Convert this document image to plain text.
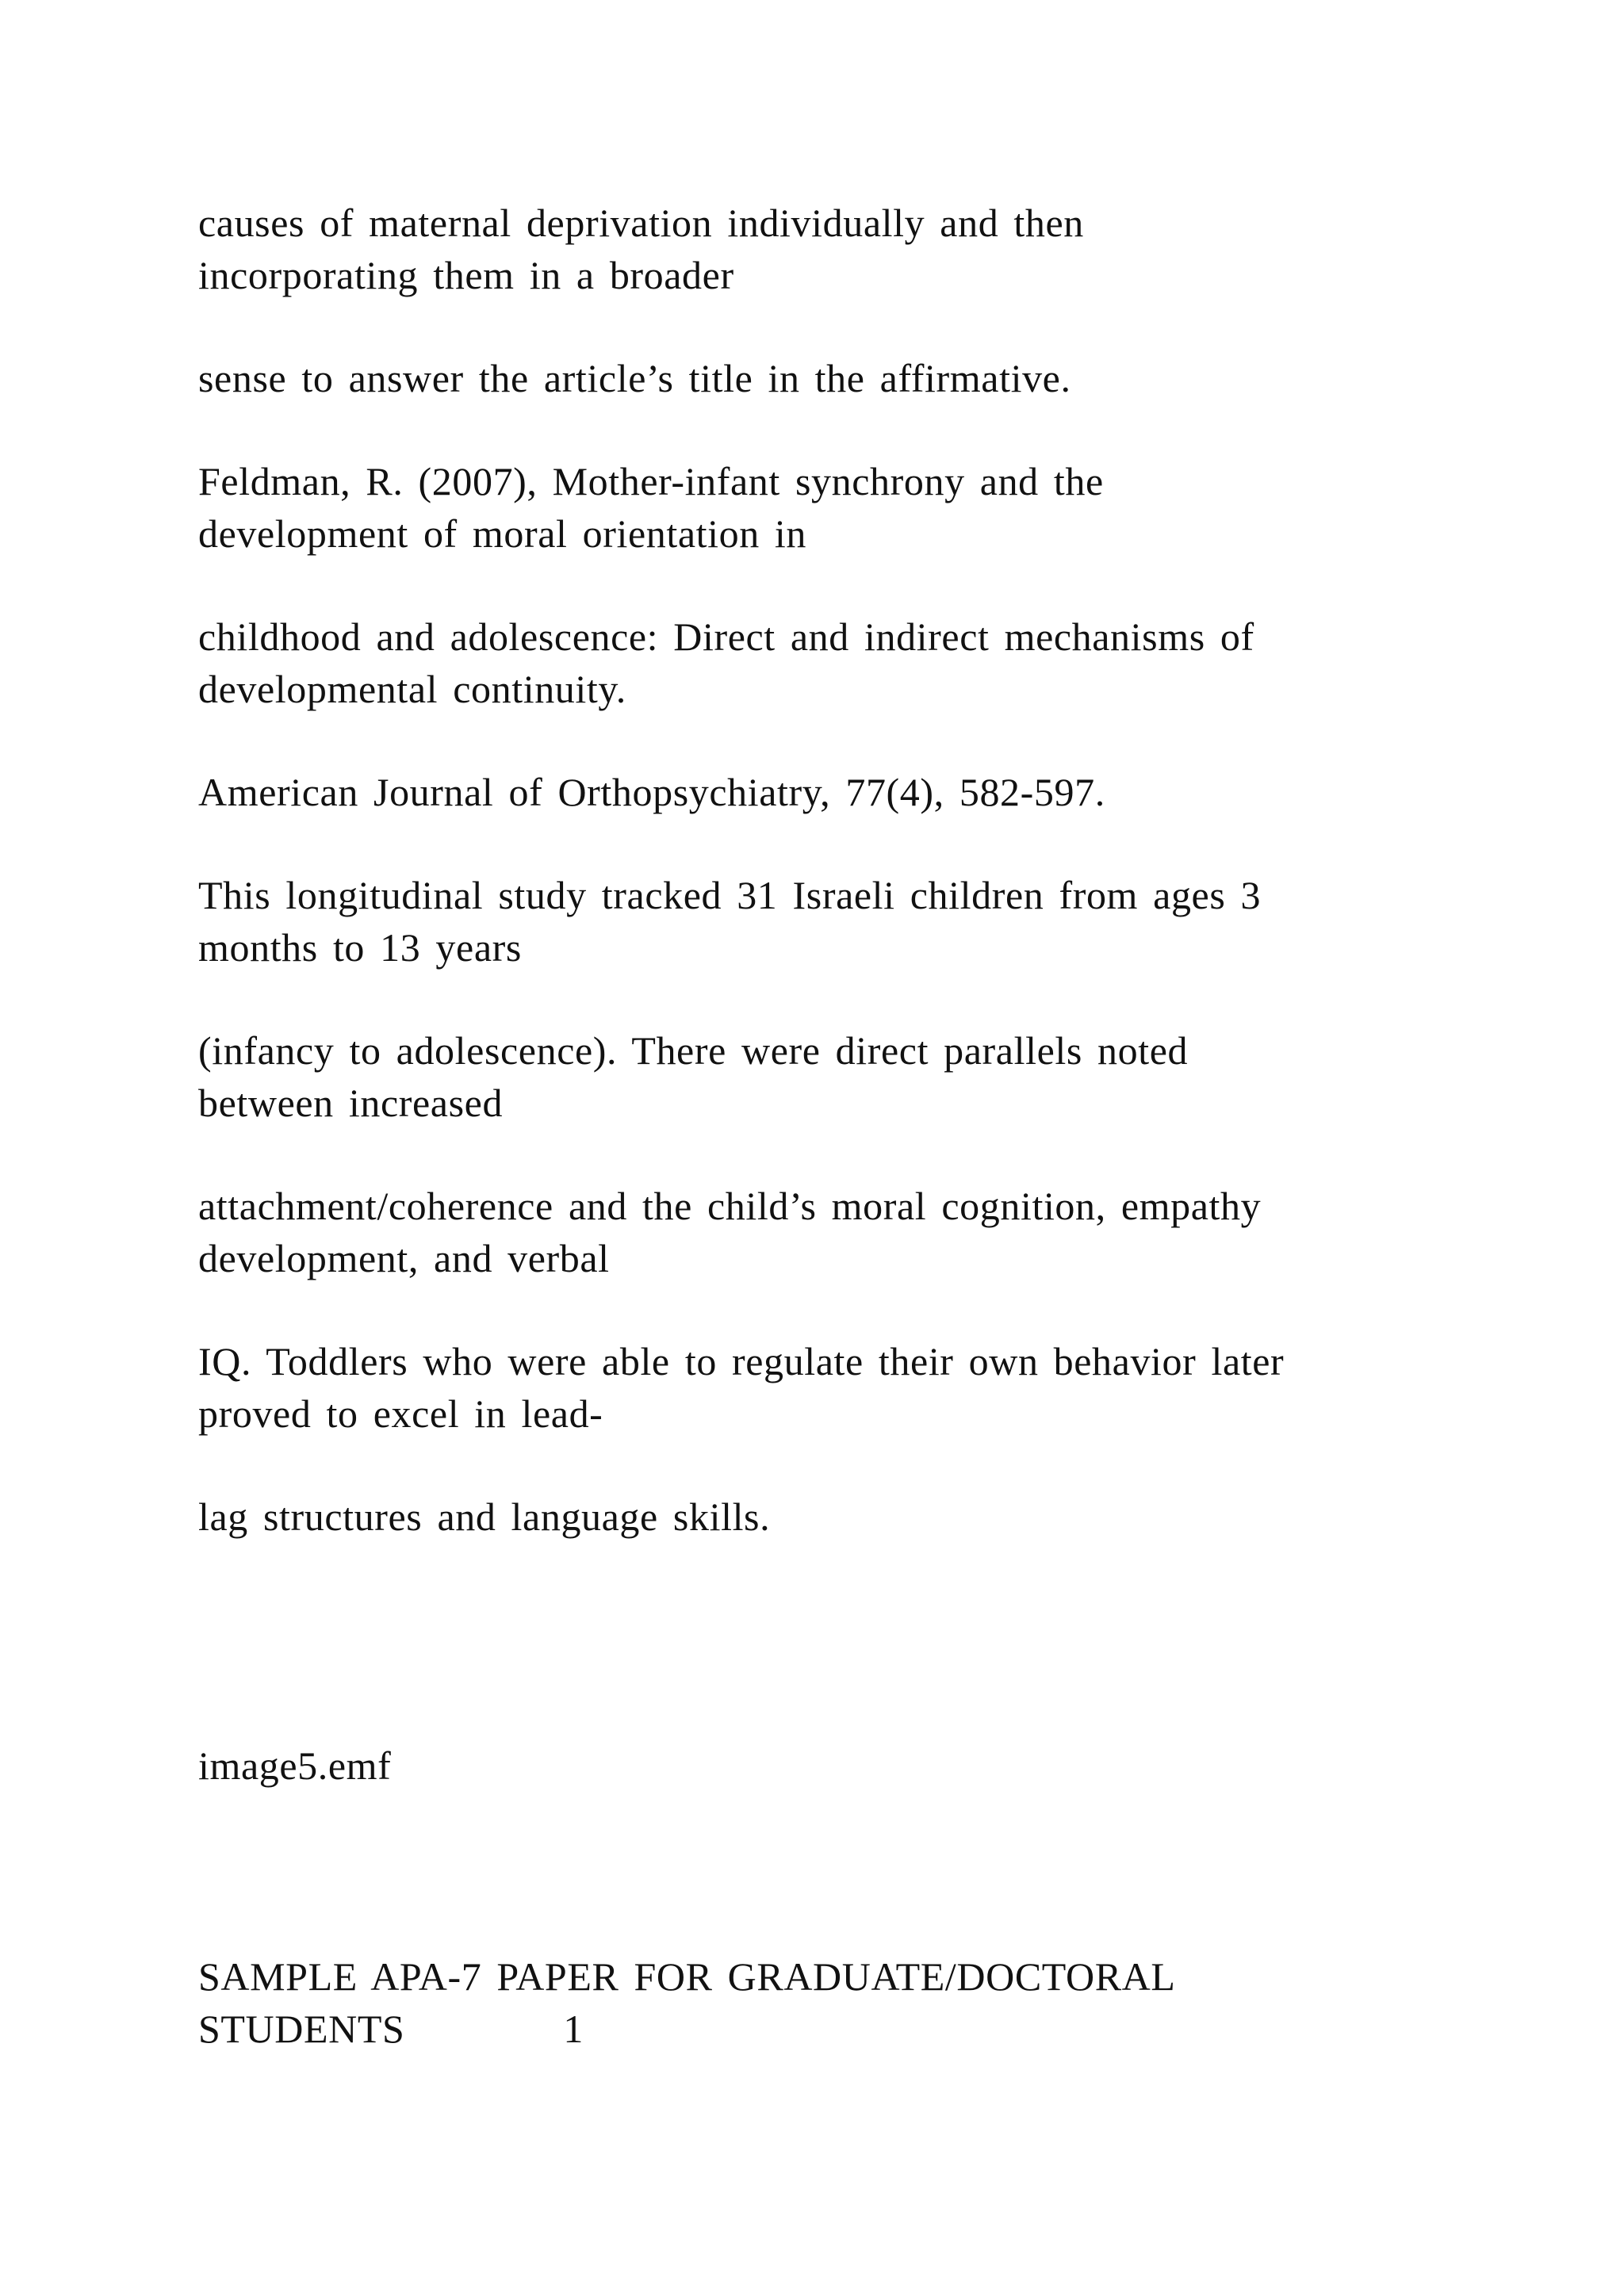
causes of maternal deprivation individually and then
incorporating them in a broader

sense to answer the article’s title in the affirmative.

Feldman, R. (2007), Mother-infant synchrony and the
development of moral orientation in

childhood and adolescence: Direct and indirect mechanisms of
developmental continuity.

American Journal of Orthopsychiatry, 77(4), 582-597.

This longitudinal study tracked 31 Israeli children from ages 3
months to 13 years

(infancy to adolescence). There were direct parallels noted
between increased

attachment/coherence and the child’s moral cognition, empathy
development, and verbal

IQ. Toddlers who were able to regulate their own behavior later
proved to excel in lead-

lag structures and language skills.

image5.emf

SAMPLE APA-7 PAPER FOR GRADUATE/DOCTORAL
STUDENTS	1
